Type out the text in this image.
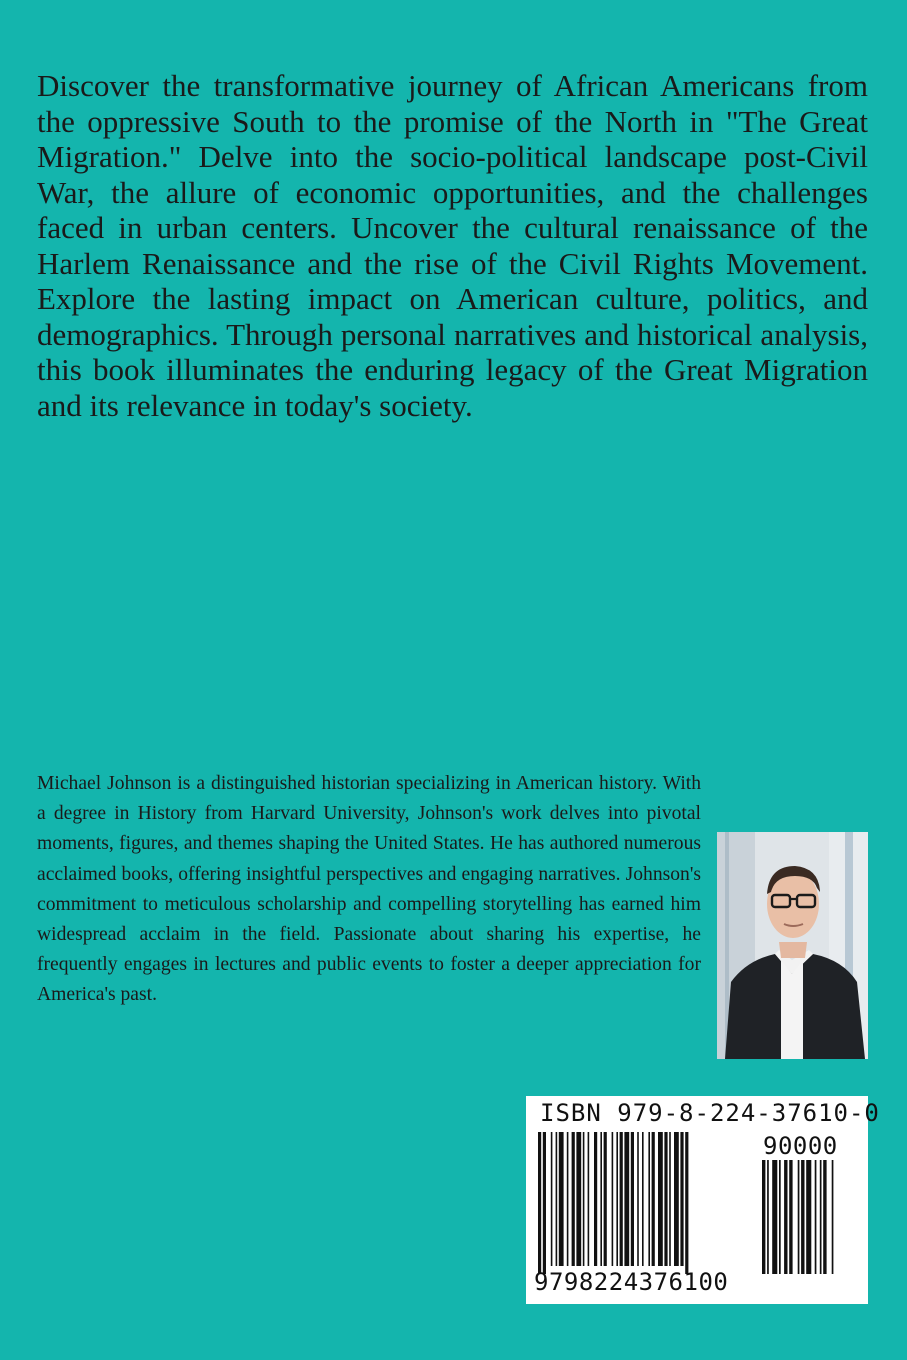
Discover the transformative journey of African Americans from the oppressive South to the promise of the North in "The Great Migration." Delve into the socio-political landscape post-Civil War, the allure of economic opportunities, and the challenges faced in urban centers. Uncover the cultural renaissance of the Harlem Renaissance and the rise of the Civil Rights Movement. Explore the lasting impact on American culture, politics, and demographics. Through personal narratives and historical analysis, this book illuminates the enduring legacy of the Great Migration and its relevance in today's society.

Michael Johnson is a distinguished historian specializing in American history. With a degree in History from Harvard University, Johnson's work delves into pivotal moments, figures, and themes shaping the United States. He has authored numerous acclaimed books, offering insightful perspectives and engaging narratives. Johnson's commitment to meticulous scholarship and compelling storytelling has earned him widespread acclaim in the field. Passionate about sharing his expertise, he frequently engages in lectures and public events to foster a deeper appreciation for America's past.

ISBN 979-8-224-37610-0
90000
9798224376100
